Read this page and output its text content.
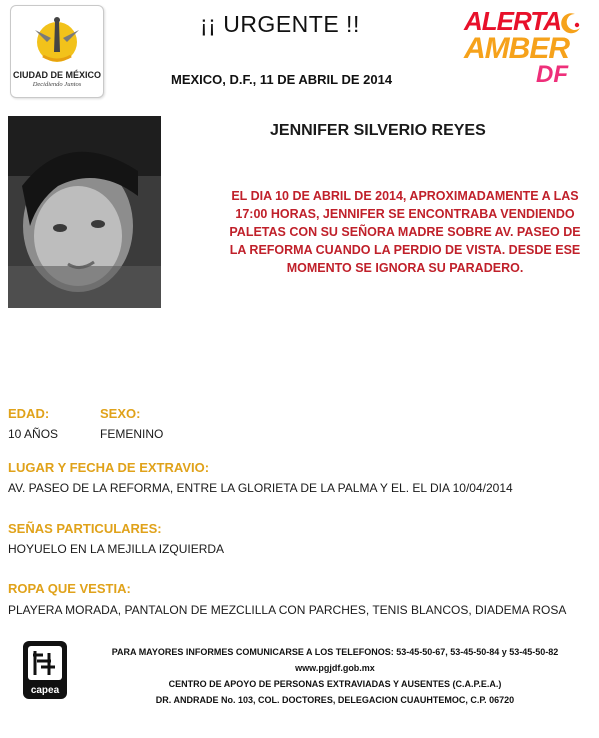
CIUDAD DE MÉXICO
Decidiendo Juntos
¡¡ URGENTE !!
MEXICO, D.F., 11 DE ABRIL DE 2014
ALERTA
AMBER
DF
JENNIFER SILVERIO REYES
EL DIA 10 DE ABRIL DE 2014, APROXIMADAMENTE A LAS 17:00 HORAS, JENNIFER SE ENCONTRABA VENDIENDO PALETAS CON SU SEÑORA MADRE SOBRE AV. PASEO DE LA REFORMA CUANDO LA PERDIO DE VISTA. DESDE ESE MOMENTO SE IGNORA SU PARADERO.
EDAD:
10 AÑOS
SEXO:
FEMENINO
LUGAR Y FECHA DE EXTRAVIO:
AV. PASEO DE LA REFORMA, ENTRE LA GLORIETA DE LA PALMA Y EL. EL DIA 10/04/2014
SEÑAS PARTICULARES:
HOYUELO EN LA MEJILLA IZQUIERDA
ROPA QUE VESTIA:
PLAYERA MORADA, PANTALON DE MEZCLILLA CON PARCHES, TENIS BLANCOS, DIADEMA ROSA
capea
PARA MAYORES INFORMES COMUNICARSE A LOS TELEFONOS: 53-45-50-67, 53-45-50-84 y 53-45-50-82
www.pgjdf.gob.mx
CENTRO DE APOYO DE PERSONAS EXTRAVIADAS Y AUSENTES (C.A.P.E.A.)
DR. ANDRADE No. 103, COL. DOCTORES, DELEGACION CUAUHTEMOC, C.P. 06720
